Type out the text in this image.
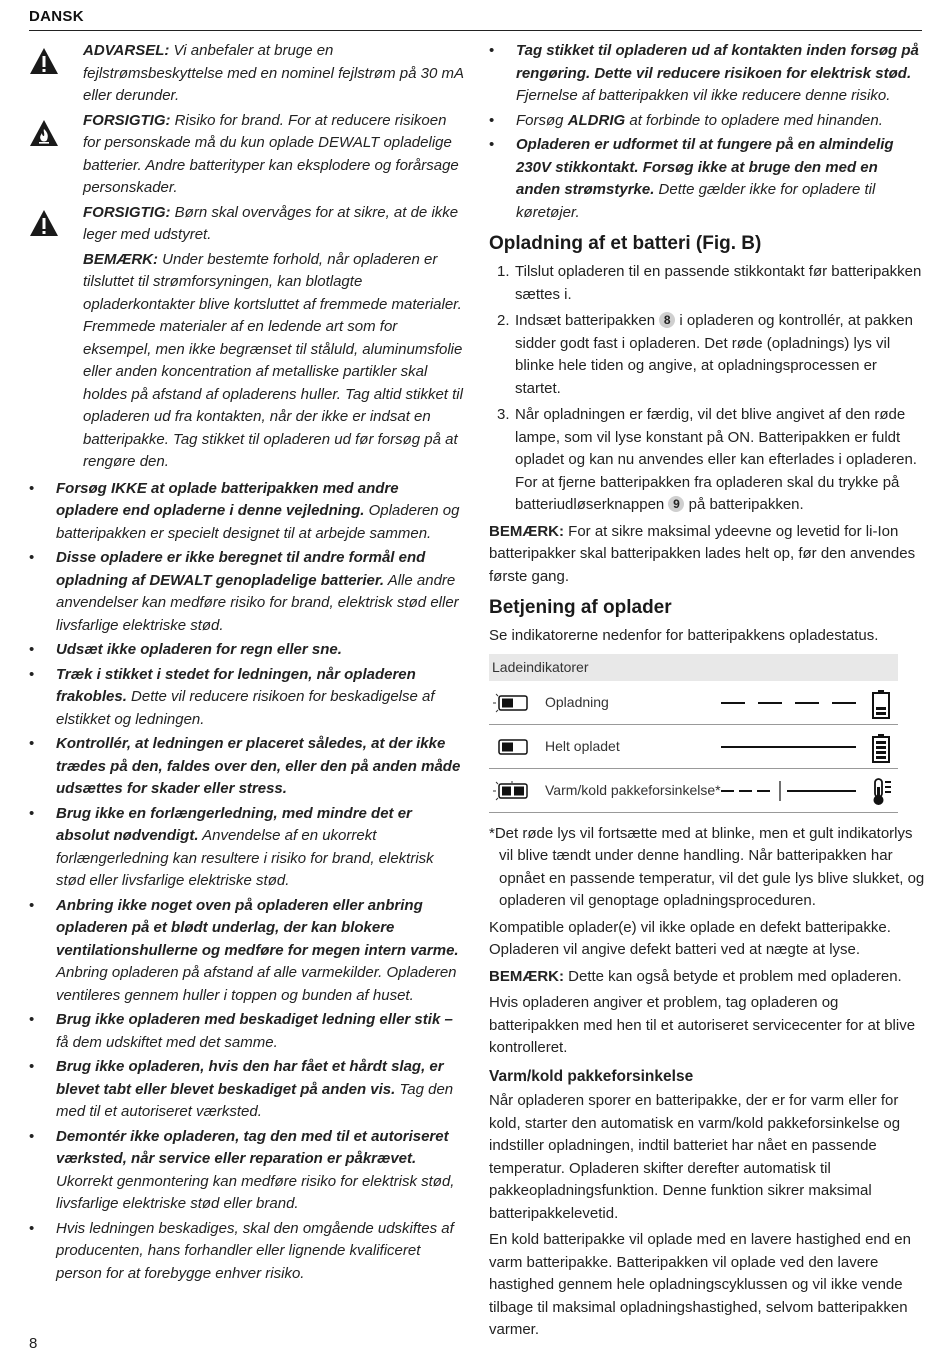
DANSK
ADVARSEL: Vi anbefaler at bruge en fejlstrømsbeskyttelse med en nominel fejlstrøm på 30 mA eller derunder.
FORSIGTIG: Risiko for brand. For at reducere risikoen for personskade må du kun oplade DEWALT opladelige batterier. Andre batterityper kan eksplodere og forårsage personskader.
FORSIGTIG: Børn skal overvåges for at sikre, at de ikke leger med udstyret.
BEMÆRK: Under bestemte forhold, når opladeren er tilsluttet til strømforsyningen, kan blotlagte opladerkontakter blive kortsluttet af fremmede materialer. Fremmede materialer af en ledende art som for eksempel, men ikke begrænset til ståluld, aluminumsfolie eller anden koncentration af metalliske partikler skal holdes på afstand af opladerens huller. Tag altid stikket til opladeren ud fra kontakten, når der ikke er indsat en batteripakke. Tag stikket til opladeren ud før forsøg på at rengøre den.
• Forsøg IKKE at oplade batteripakken med andre opladere end opladerne i denne vejledning. Opladeren og batteripakken er specielt designet til at arbejde sammen.
• Disse opladere er ikke beregnet til andre formål end opladning af DEWALT genopladelige batterier. Alle andre anvendelser kan medføre risiko for brand, elektrisk stød eller livsfarlige elektriske stød.
• Udsæt ikke opladeren for regn eller sne.
• Træk i stikket i stedet for ledningen, når opladeren frakobles. Dette vil reducere risikoen for beskadigelse af elstikket og ledningen.
• Kontrollér, at ledningen er placeret således, at der ikke trædes på den, faldes over den, eller den på anden måde udsættes for skader eller stress.
• Brug ikke en forlængerledning, med mindre det er absolut nødvendigt. Anvendelse af en ukorrekt forlængerledning kan resultere i risiko for brand, elektrisk stød eller livsfarlige elektriske stød.
• Anbring ikke noget oven på opladeren eller anbring opladeren på et blødt underlag, der kan blokere ventilationshullerne og medføre for megen intern varme. Anbring opladeren på afstand af alle varmekilder. Opladeren ventileres gennem huller i toppen og bunden af huset.
• Brug ikke opladeren med beskadiget ledning eller stik –få dem udskiftet med det samme.
• Brug ikke opladeren, hvis den har fået et hårdt slag, er blevet tabt eller blevet beskadiget på anden vis. Tag den med til et autoriseret værksted.
• Demontér ikke opladeren, tag den med til et autoriseret værksted, når service eller reparation er påkrævet. Ukorrekt genmontering kan medføre risiko for elektrisk stød, livsfarlige elektriske stød eller brand.
• Hvis ledningen beskadiges, skal den omgående udskiftes af producenten, hans forhandler eller lignende kvalificeret person for at forebygge enhver risiko.
• Tag stikket til opladeren ud af kontakten inden forsøg på rengøring. Dette vil reducere risikoen for elektrisk stød. Fjernelse af batteripakken vil ikke reducere denne risiko.
• Forsøg ALDRIG at forbinde to opladere med hinanden.
• Opladeren er udformet til at fungere på en almindelig 230V stikkontakt. Forsøg ikke at bruge den med en anden strømstyrke. Dette gælder ikke for opladere til køretøjer.
Opladning af et batteri (Fig. B)
1. Tilslut opladeren til en passende stikkontakt før batteripakken sættes i.
2. Indsæt batteripakken 8 i opladeren og kontrollér, at pakken sidder godt fast i opladeren. Det røde (opladnings) lys vil blinke hele tiden og angive, at opladningsprocessen er startet.
3. Når opladningen er færdig, vil det blive angivet af den røde lampe, som vil lyse konstant på ON. Batteripakken er fuldt opladet og kan nu anvendes eller kan efterlades i opladeren. For at fjerne batteripakken fra opladeren skal du trykke på batteriudløserknappen 9 på batteripakken.

BEMÆRK: For at sikre maksimal ydeevne og levetid for li-Ion batteripakker skal batteripakken lades helt op, før den anvendes første gang.

Betjening af oplader

Se indikatorerne nedenfor for batteripakkens opladestatus.

Ladeindikatorer
Opladning
Helt opladet
Varm/kold pakkeforsinkelse*

*Det røde lys vil fortsætte med at blinke, men et gult indikatorlys vil blive tændt under denne handling. Når batteripakken har opnået en passende temperatur, vil det gule lys blive slukket, og opladeren vil genoptage opladningsproceduren.

Kompatible oplader(e) vil ikke oplade en defekt batteripakke. Opladeren vil angive defekt batteri ved at nægte at lyse.

BEMÆRK: Dette kan også betyde et problem med opladeren.

Hvis opladeren angiver et problem, tag opladeren og batteripakken med hen til et autoriseret servicecenter for at blive kontrolleret.

Varm/kold pakkeforsinkelse

Når opladeren sporer en batteripakke, der er for varm eller for kold, starter den automatisk en varm/kold pakkeforsinkelse og indstiller opladningen, indtil batteriet har nået en passende temperatur. Opladeren skifter derefter automatisk til pakkeopladningsfunktion. Denne funktion sikrer maksimal batteripakkelevetid.

En kold batteripakke vil oplade med en lavere hastighed end en varm batteripakke. Batteripakken vil oplade ved den lavere hastighed gennem hele opladningscyklussen og vil ikke vende tilbage til maksimal opladningshastighed, selvom batteripakken varmer.

8
